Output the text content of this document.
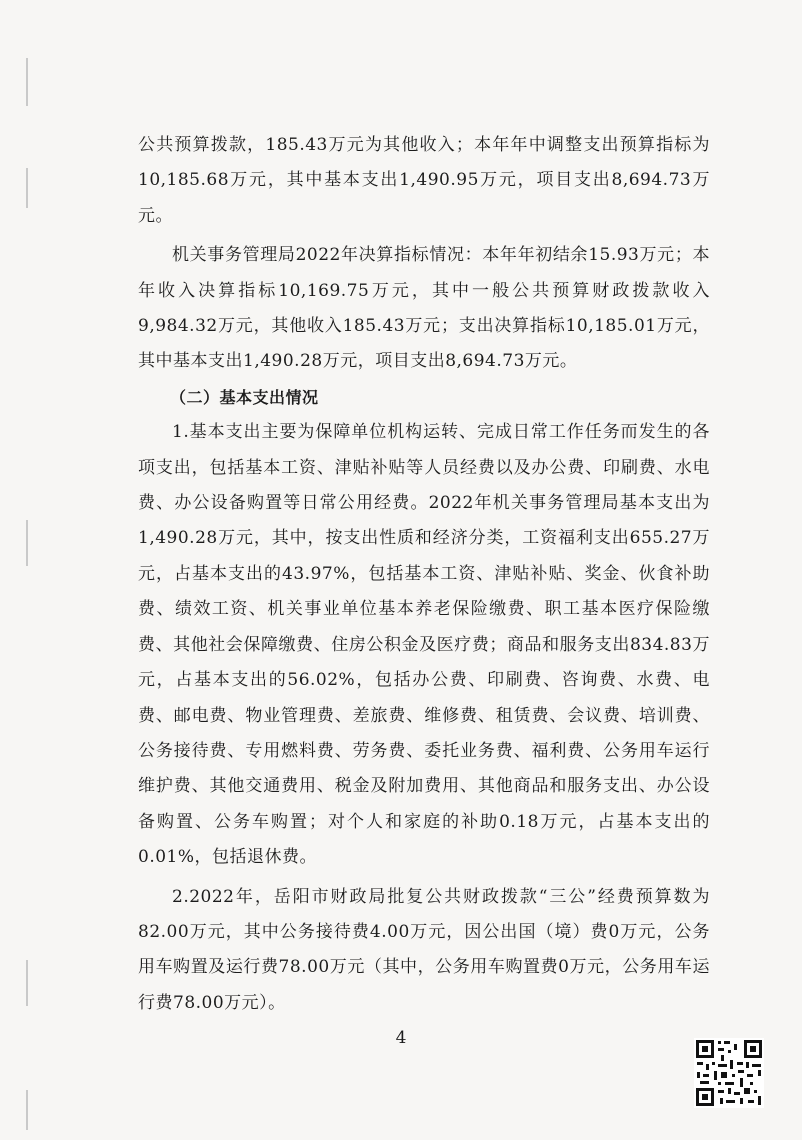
公共预算拨款，185.43万元为其他收入；本年年中调整支出预算指标为10,185.68万元，其中基本支出1,490.95万元，项目支出8,694.73万元。

机关事务管理局2022年决算指标情况：本年年初结余15.93万元；本年收入决算指标10,169.75万元，其中一般公共预算财政拨款收入9,984.32万元，其他收入185.43万元；支出决算指标10,185.01万元，其中基本支出1,490.28万元，项目支出8,694.73万元。

（二）基本支出情况

1.基本支出主要为保障单位机构运转、完成日常工作任务而发生的各项支出，包括基本工资、津贴补贴等人员经费以及办公费、印刷费、水电费、办公设备购置等日常公用经费。2022年机关事务管理局基本支出为1,490.28万元，其中，按支出性质和经济分类，工资福利支出655.27万元，占基本支出的43.97%，包括基本工资、津贴补贴、奖金、伙食补助费、绩效工资、机关事业单位基本养老保险缴费、职工基本医疗保险缴费、其他社会保障缴费、住房公积金及医疗费；商品和服务支出834.83万元，占基本支出的56.02%，包括办公费、印刷费、咨询费、水费、电费、邮电费、物业管理费、差旅费、维修费、租赁费、会议费、培训费、公务接待费、专用燃料费、劳务费、委托业务费、福利费、公务用车运行维护费、其他交通费用、税金及附加费用、其他商品和服务支出、办公设备购置、公务车购置；对个人和家庭的补助0.18万元，占基本支出的0.01%，包括退休费。

2.2022年，岳阳市财政局批复公共财政拨款“三公”经费预算数为82.00万元，其中公务接待费4.00万元，因公出国（境）费0万元，公务用车购置及运行费78.00万元（其中，公务用车购置费0万元，公务用车运行费78.00万元）。

4
